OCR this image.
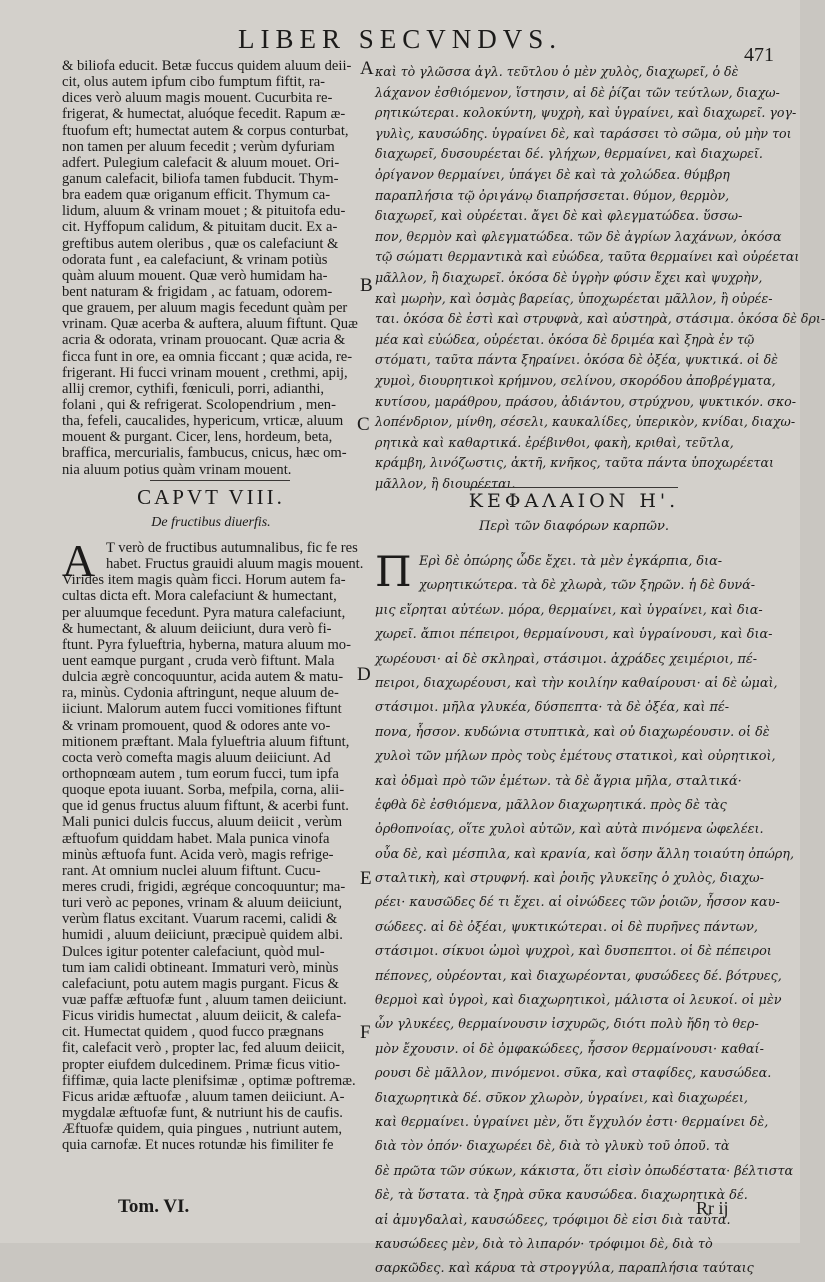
LIBER SECVNDVS.
471
A
B
C
D
E
F
& biliofa educit. Betæ fuccus quidem aluum deii-
cit, olus autem ipfum cibo fumptum fiftit, ra-
dices verò aluum magis mouent. Cucurbita re-
frigerat, & humectat, aluóque fecedit. Rapum æ-
ftuofum eft; humectat autem & corpus conturbat,
non tamen per aluum fecedit ; verùm dyfuriam
adfert. Pulegium calefacit & aluum mouet. Ori-
ganum calefacit, biliofa tamen fubducit. Thym-
bra eadem quæ origanum efficit. Thymum ca-
lidum, aluum & vrinam mouet ; & pituitofa edu-
cit. Hyffopum calidum, & pituitam ducit. Ex a-
greftibus autem oleribus , quæ os calefaciunt &
odorata funt , ea calefaciunt, & vrinam potiùs
quàm aluum mouent. Quæ verò humidam ha-
bent naturam & frigidam , ac fatuam, odorem-
que grauem, per aluum magis fecedunt quàm per
vrinam. Quæ acerba & auftera, aluum fiftunt. Quæ
acria & odorata, vrinam prouocant. Quæ acria &
ficca funt in ore, ea omnia ficcant ; quæ acida, re-
frigerant. Hi fucci vrinam mouent , crethmi, apij,
allij cremor, cythifi, fœniculi, porri, adianthi,
folani , qui & refrigerat. Scolopendrium , men-
tha, fefeli, caucalides, hypericum, vrticæ, aluum
mouent & purgant. Cicer, lens, hordeum, beta,
braffica, mercurialis, fambucus, cnicus, hæc om-
nia aluum potius quàm vrinam mouent.
καὶ τὸ γλῶσσα ἀγλ. τεῦτλου ὁ μὲν χυλὸς, διαχωρεῖ, ὁ δὲ
λάχανον ἐσθιόμενον, ἵστησιν, αἱ δὲ ῥίζαι τῶν τεύτλων, διαχω-
ρητικώτεραι. κολοκύντη, ψυχρὴ, καὶ ὑγραίνει, καὶ διαχωρεῖ. γογ-
γυλὶς, καυσώδης. ὑγραίνει δὲ, καὶ ταράσσει τὸ σῶμα, οὐ μὴν τοι
διαχωρεῖ, δυσουρέεται δέ. γλήχων, θερμαίνει, καὶ διαχωρεῖ.
ὀρίγανον θερμαίνει, ὑπάγει δὲ καὶ τὰ χολώδεα. θύμβρη
παραπλήσια τῷ ὀριγάνῳ διαπρήσσεται. θύμον, θερμὸν,
διαχωρεῖ, καὶ οὐρέεται. ἄγει δὲ καὶ φλεγματώδεα. ὕσσω-
πον, θερμὸν καὶ φλεγματώδεα. τῶν δὲ ἀγρίων λαχάνων, ὁκόσα
τῷ σώματι θερμαντικὰ καὶ εὐώδεα, ταῦτα θερμαίνει καὶ οὐρέεται
μᾶλλον, ἢ διαχωρεῖ. ὁκόσα δὲ ὑγρὴν φύσιν ἔχει καὶ ψυχρὴν,
καὶ μωρὴν, καὶ ὀσμὰς βαρείας, ὑποχωρέεται μᾶλλον, ἢ οὐρέε-
ται. ὁκόσα δὲ ἐστὶ καὶ στρυφνὰ, καὶ αὐστηρὰ, στάσιμα. ὁκόσα δὲ δρι-
μέα καὶ εὐώδεα, οὐρέεται. ὁκόσα δὲ δριμέα καὶ ξηρὰ ἐν τῷ
στόματι, ταῦτα πάντα ξηραίνει. ὁκόσα δὲ ὀξέα, ψυκτικά. οἱ δὲ
χυμοὶ, διουρητικοὶ κρήμνου, σελίνου, σκορόδου ἀποβρέγματα,
κυτίσου, μαράθρου, πράσου, ἀδιάντου, στρύχνου, ψυκτικόν. σκο-
λοπένδριον, μίνθη, σέσελι, καυκαλίδες, ὑπερικὸν, κνίδαι, διαχω-
ρητικὰ καὶ καθαρτικά. ἐρέβινθοι, φακὴ, κριθαὶ, τεῦτλα,
κράμβη, λινόζωστις, ἀκτῆ, κνῆκος, ταῦτα πάντα ὑποχωρέεται
μᾶλλον, ἢ διουρέεται.
CAPVT VIII.
De fructibus diuerfis.
ΚΕΦΑΛΑΙΟΝ Η'.
Περὶ τῶν διαφόρων καρπῶν.
A T verò de fructibus autumnalibus, fic fe res
habet. Fructus grauidi aluum magis mouent.
Virides item magis quàm ficci. Horum autem fa-
cultas dicta eft. Mora calefaciunt & humectant,
per aluumque fecedunt. Pyra matura calefaciunt,
& humectant, & aluum deiiciunt, dura verò fi-
ftunt. Pyra fylueftria, hyberna, matura aluum mo-
uent eamque purgant , cruda verò fiftunt. Mala
dulcia ægrè concoquuntur, acida autem & matu-
ra, minùs. Cydonia aftringunt, neque aluum de-
iiciunt. Malorum autem fucci vomitiones fiftunt
& vrinam promouent, quod & odores ante vo-
mitionem præftant. Mala fylueftria aluum fiftunt,
cocta verò comefta magis aluum deiiciunt. Ad
orthopnœam autem , tum eorum fucci, tum ipfa
quoque epota iuuant. Sorba, mefpila, corna, alii-
que id genus fructus aluum fiftunt, & acerbi funt.
Mali punici dulcis fuccus, aluum deiicit , verùm
æftuofum quiddam habet. Mala punica vinofa
minùs æftuofa funt. Acida verò, magis refrige-
rant. At omnium nuclei aluum fiftunt. Cucu-
meres crudi, frigidi, ægréque concoquuntur; ma-
turi verò ac pepones, vrinam & aluum deiiciunt,
verùm flatus excitant. Vuarum racemi, calidi &
humidi , aluum deiiciunt, præcipuè quidem albi.
Dulces igitur potenter calefaciunt, quòd mul-
tum iam calidi obtineant. Immaturi verò, minùs
calefaciunt, potu autem magis purgant. Ficus &
vuæ paffæ æftuofæ funt , aluum tamen deiiciunt.
Ficus viridis humectat , aluum deiicit, & calefa-
cit. Humectat quidem , quod fucco prægnans
fit, calefacit verò , propter lac, fed aluum deiicit,
propter eiufdem dulcedinem. Primæ ficus vitio-
fiffimæ, quia lacte plenifsimæ , optimæ poftremæ.
Ficus aridæ æftuofæ , aluum tamen deiiciunt. A-
mygdalæ æftuofæ funt, & nutriunt his de caufis.
Æftuofæ quidem, quia pingues , nutriunt autem,
quia carnofæ. Et nuces rotundæ his fimiliter fe
Π Ερὶ δὲ ὀπώρης ὧδε ἔχει. τὰ μὲν ἐγκάρπια, δια-
χωρητικώτερα. τὰ δὲ χλωρὰ, τῶν ξηρῶν. ἡ δὲ δυνά-
μις εἴρηται αὐτέων. μόρα, θερμαίνει, καὶ ὑγραίνει, καὶ δια-
χωρεῖ. ἄπιοι πέπειροι, θερμαίνουσι, καὶ ὑγραίνουσι, καὶ δια-
χωρέουσι· αἱ δὲ σκληραὶ, στάσιμοι. ἀχράδες χειμέριοι, πέ-
πειροι, διαχωρέουσι, καὶ τὴν κοιλίην καθαίρουσι· αἱ δὲ ὠμαὶ,
στάσιμοι. μῆλα γλυκέα, δύσπεπτα· τὰ δὲ ὀξέα, καὶ πέ-
πονα, ἧσσον. κυδώνια στυπτικὰ, καὶ οὐ διαχωρέουσιν. οἱ δὲ
χυλοὶ τῶν μήλων πρὸς τοὺς ἐμέτους στατικοὶ, καὶ οὐρητικοὶ,
καὶ ὀδμαὶ πρὸ τῶν ἐμέτων. τὰ δὲ ἄγρια μῆλα, σταλτικά·
ἑφθὰ δὲ ἐσθιόμενα, μᾶλλον διαχωρητικά. πρὸς δὲ τὰς
ὀρθοπνοίας, οἵτε χυλοὶ αὐτῶν, καὶ αὐτὰ πινόμενα ὠφελέει.
οὖα δὲ, καὶ μέσπιλα, καὶ κρανία, καὶ ὅσην ἄλλη τοιαύτη ὀπώρη,
σταλτικὴ, καὶ στρυφνή. καὶ ῥοιῆς γλυκεῖης ὁ χυλὸς, διαχω-
ρέει· καυσῶδες δέ τι ἔχει. αἱ οἰνώδεες τῶν ῥοιῶν, ἧσσον καυ-
σώδεες. αἱ δὲ ὀξέαι, ψυκτικώτεραι. οἱ δὲ πυρῆνες πάντων,
στάσιμοι. σίκυοι ὠμοὶ ψυχροὶ, καὶ δυσπεπτοι. οἱ δὲ πέπειροι
πέπονες, οὐρέονται, καὶ διαχωρέονται, φυσώδεες δέ. βότρυες,
θερμοὶ καὶ ὑγροὶ, καὶ διαχωρητικοὶ, μάλιστα οἱ λευκοί. οἱ μὲν
ὦν γλυκέες, θερμαίνουσιν ἰσχυρῶς, διότι πολὺ ἤδη τὸ θερ-
μὸν ἔχουσιν. οἱ δὲ ὀμφακώδεες, ἧσσον θερμαίνουσι· καθαί-
ρουσι δὲ μᾶλλον, πινόμενοι. σῦκα, καὶ σταφίδες, καυσώδεα.
διαχωρητικὰ δέ. σῦκον χλωρὸν, ὑγραίνει, καὶ διαχωρέει,
καὶ θερμαίνει. ὑγραίνει μὲν, ὅτι ἔγχυλόν ἐστι· θερμαίνει δὲ,
διὰ τὸν ὀπόν· διαχωρέει δὲ, διὰ τὸ γλυκὺ τοῦ ὀποῦ. τὰ
δὲ πρῶτα τῶν σύκων, κάκιστα, ὅτι εἰσὶν ὀπωδέστατα· βέλτιστα
δὲ, τὰ ὕστατα. τὰ ξηρὰ σῦκα καυσώδεα. διαχωρητικὰ δέ.
αἱ ἀμυγδαλαὶ, καυσώδεες, τρόφιμοι δὲ εἰσι διὰ ταῦτα.
καυσώδεες μὲν, διὰ τὸ λιπαρόν· τρόφιμοι δὲ, διὰ τὸ
σαρκῶδες. καὶ κάρυα τὰ στρογγύλα, παραπλήσια ταύταις
Tom. VI.	Rr ij
